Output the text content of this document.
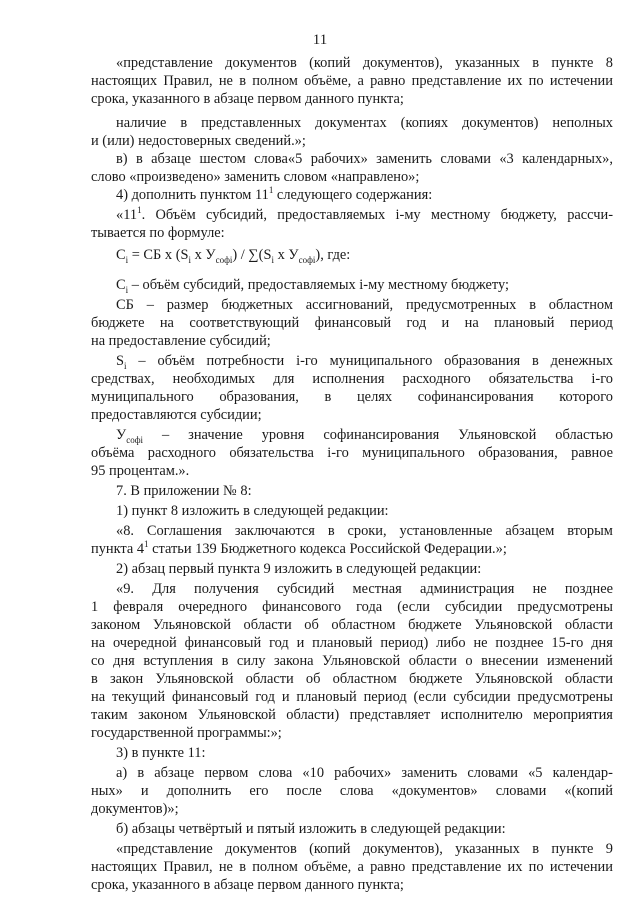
11
«представление документов (копий документов), указанных в пункте 8
настоящих Правил, не в полном объёме, а равно представление их по истечении
срока, указанного в абзаце первом данного пункта;
наличие в представленных документах (копиях документов) неполных
и (или) недостоверных сведений.»;
в) в абзаце шестом слова«5 рабочих» заменить словами «3 календарных»,
слово «произведено» заменить словом «направлено»;
4) дополнить пунктом $11^1$ следующего содержания:
«$11^1$. Объём субсидий, предоставляемых i-му местному бюджету, рассчи-
тывается по формуле:
$C_i$ = СБ x ($S_i$ x $У_{софi}) / \sum(S_i$ x $У_{софi}$), где:
$C_i$ – объём субсидий, предоставляемых i-му местному бюджету;
СБ – размер бюджетных ассигнований, предусмотренных в областном
бюджете на соответствующий финансовый год и на плановый период
на предоставление субсидий;
$S_i$ – объём потребности i-го муниципального образования в денежных
средствах, необходимых для исполнения расходного обязательства i-го
муниципального образования, в целях софинансирования которого
предоставляются субсидии;
$У_{софi}$ – значение уровня софинансирования Ульяновской областью
объёма расходного обязательства i-го муниципального образования, равное
95 процентам.».
7. В приложении № 8:
1) пункт 8 изложить в следующей редакции:
«8. Соглашения заключаются в сроки, установленные абзацем вторым
пункта $4^1$ статьи 139 Бюджетного кодекса Российской Федерации.»;
2) абзац первый пункта 9 изложить в следующей редакции:
«9. Для получения субсидий местная администрация не позднее
1 февраля очередного финансового года (если субсидии предусмотрены
законом Ульяновской области об областном бюджете Ульяновской области
на очередной финансовый год и плановый период) либо не позднее 15-го дня
со дня вступления в силу закона Ульяновской области о внесении изменений
в закон Ульяновской области об областном бюджете Ульяновской области
на текущий финансовый год и плановый период (если субсидии предусмотрены
таким законом Ульяновской области) представляет исполнителю мероприятия
государственной программы:»;
3) в пункте 11:
а) в абзаце первом слова «10 рабочих» заменить словами «5 календар-
ных» и дополнить его после слова «документов» словами «(копий
документов)»;
б) абзацы четвёртый и пятый изложить в следующей редакции:
«представление документов (копий документов), указанных в пункте 9
настоящих Правил, не в полном объёме, а равно представление их по истечении
срока, указанного в абзаце первом данного пункта;
